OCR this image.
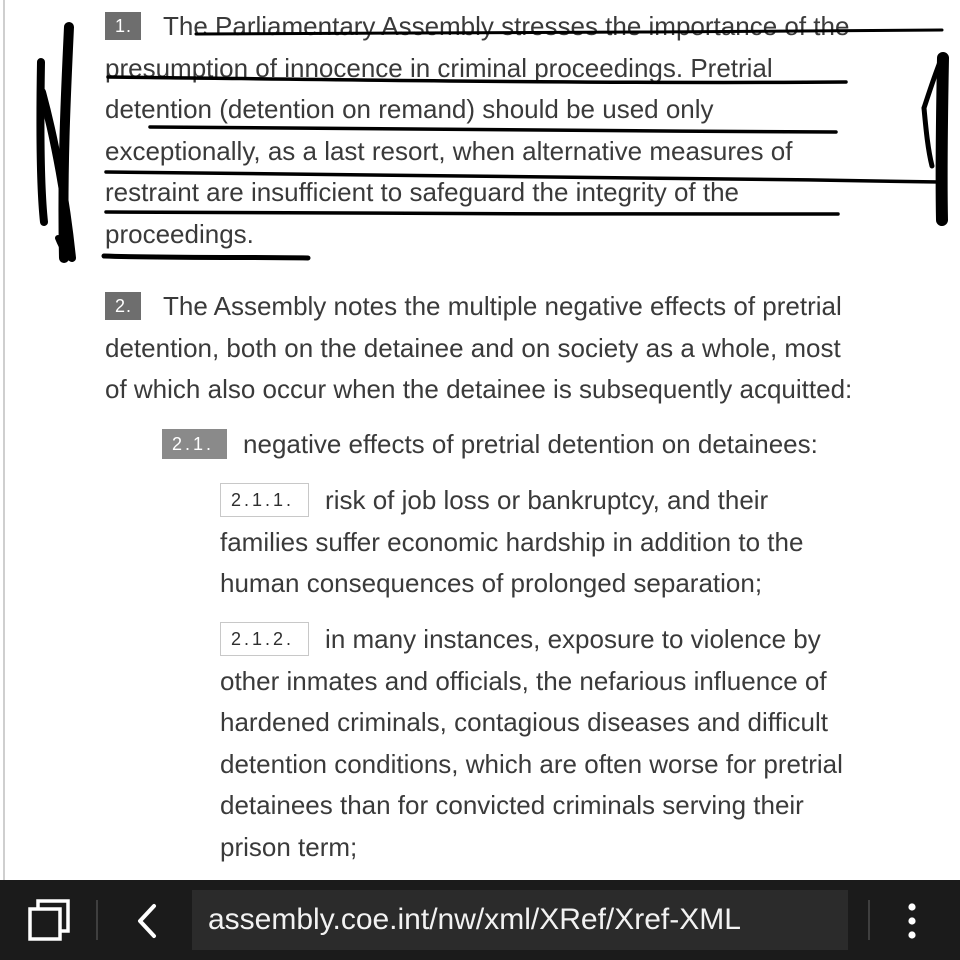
1. The Parliamentary Assembly stresses the importance of the
presumption of innocence in criminal proceedings. Pretrial
detention (detention on remand) should be used only
exceptionally, as a last resort, when alternative measures of
restraint are insufficient to safeguard the integrity of the
proceedings.
2. The Assembly notes the multiple negative effects of pretrial
detention, both on the detainee and on society as a whole, most
of which also occur when the detainee is subsequently acquitted:
2.1. negative effects of pretrial detention on detainees:
2.1.1. risk of job loss or bankruptcy, and their
families suffer economic hardship in addition to the
human consequences of prolonged separation;
2.1.2. in many instances, exposure to violence by
other inmates and officials, the nefarious influence of
hardened criminals, contagious diseases and difficult
detention conditions, which are often worse for pretrial
detainees than for convicted criminals serving their
prison term;
assembly.coe.int/nw/xml/XRef/Xref-XML
